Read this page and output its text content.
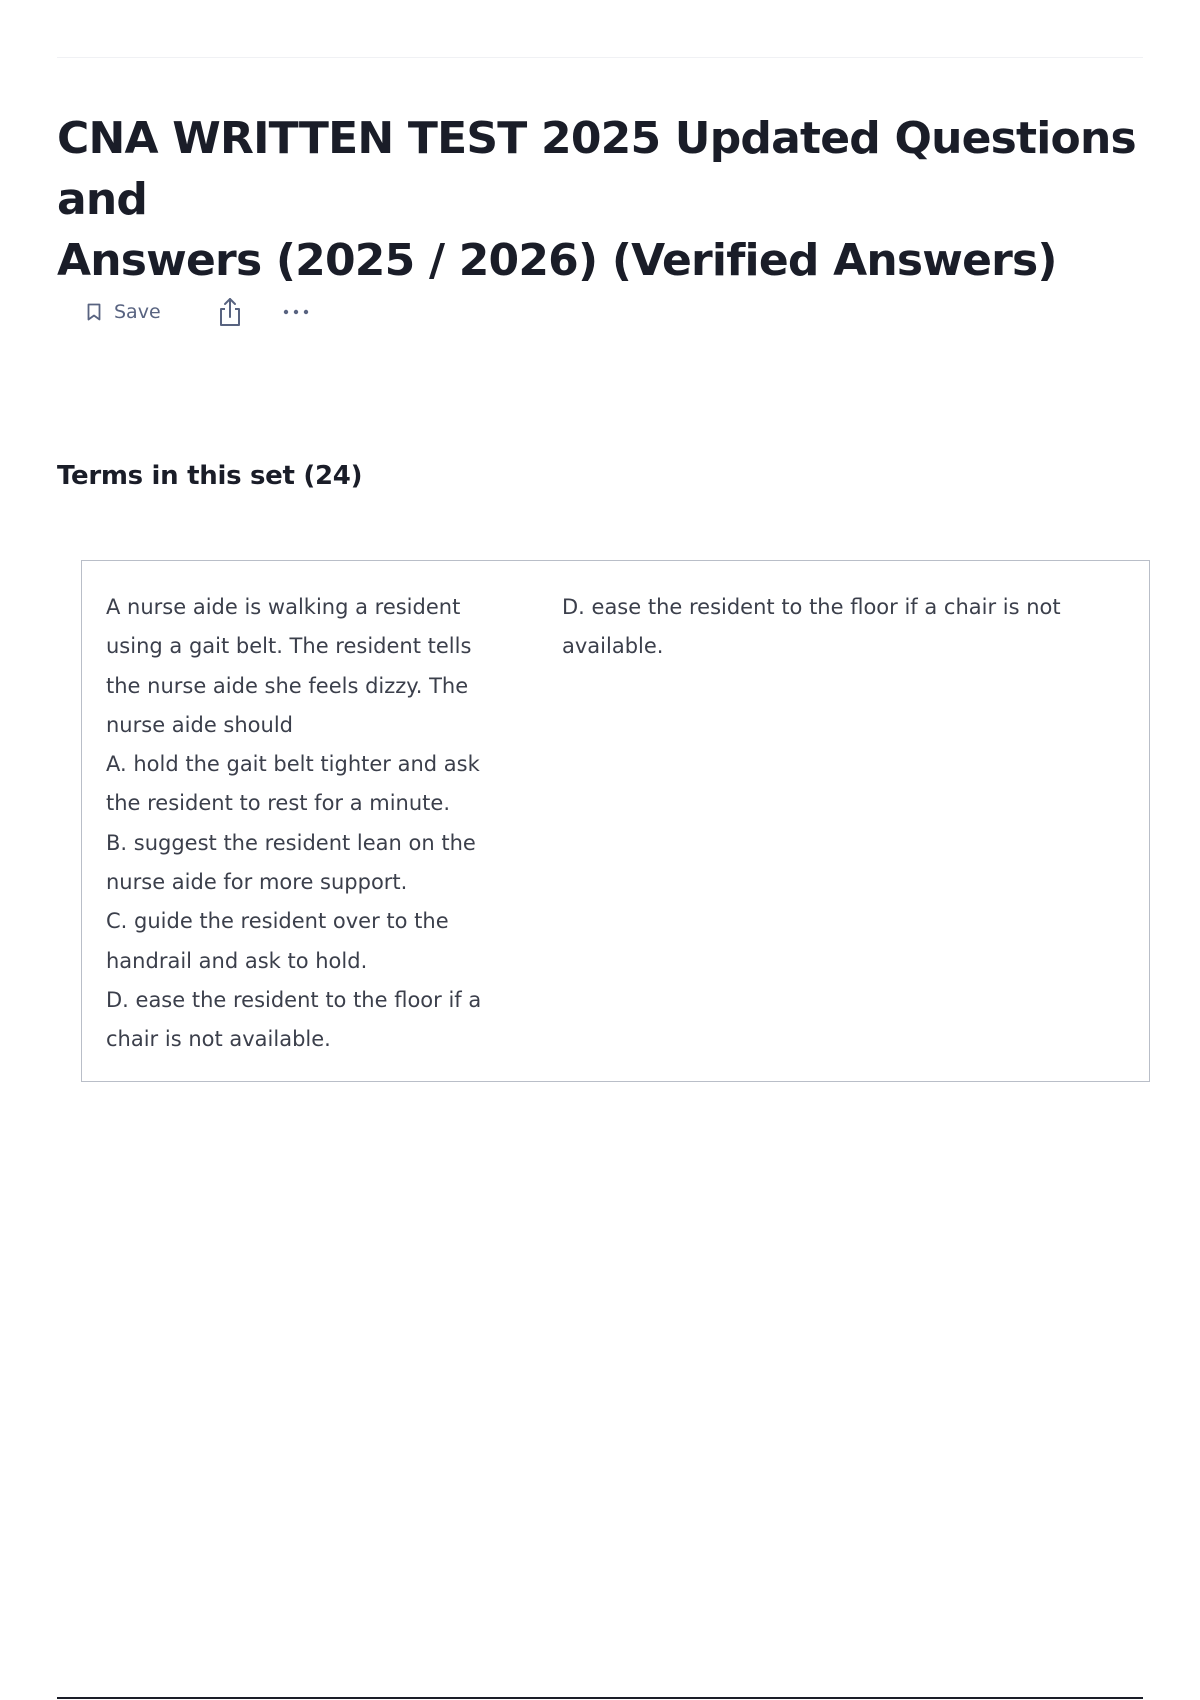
CNA WRITTEN TEST 2025 Updated Questions and
Answers (2025 / 2026) (Verified Answers)
Save
Terms in this set (24)

A nurse aide is walking a resident

using a gait belt. The resident tells

the nurse aide she feels dizzy. The

nurse aide should

A. hold the gait belt tighter and ask

the resident to rest for a minute.

B. suggest the resident lean on the

nurse aide for more support.

C. guide the resident over to the

handrail and ask to hold.

D. ease the resident to the floor if a

chair is not available.

D. ease the resident to the floor if a chair is not

available.
